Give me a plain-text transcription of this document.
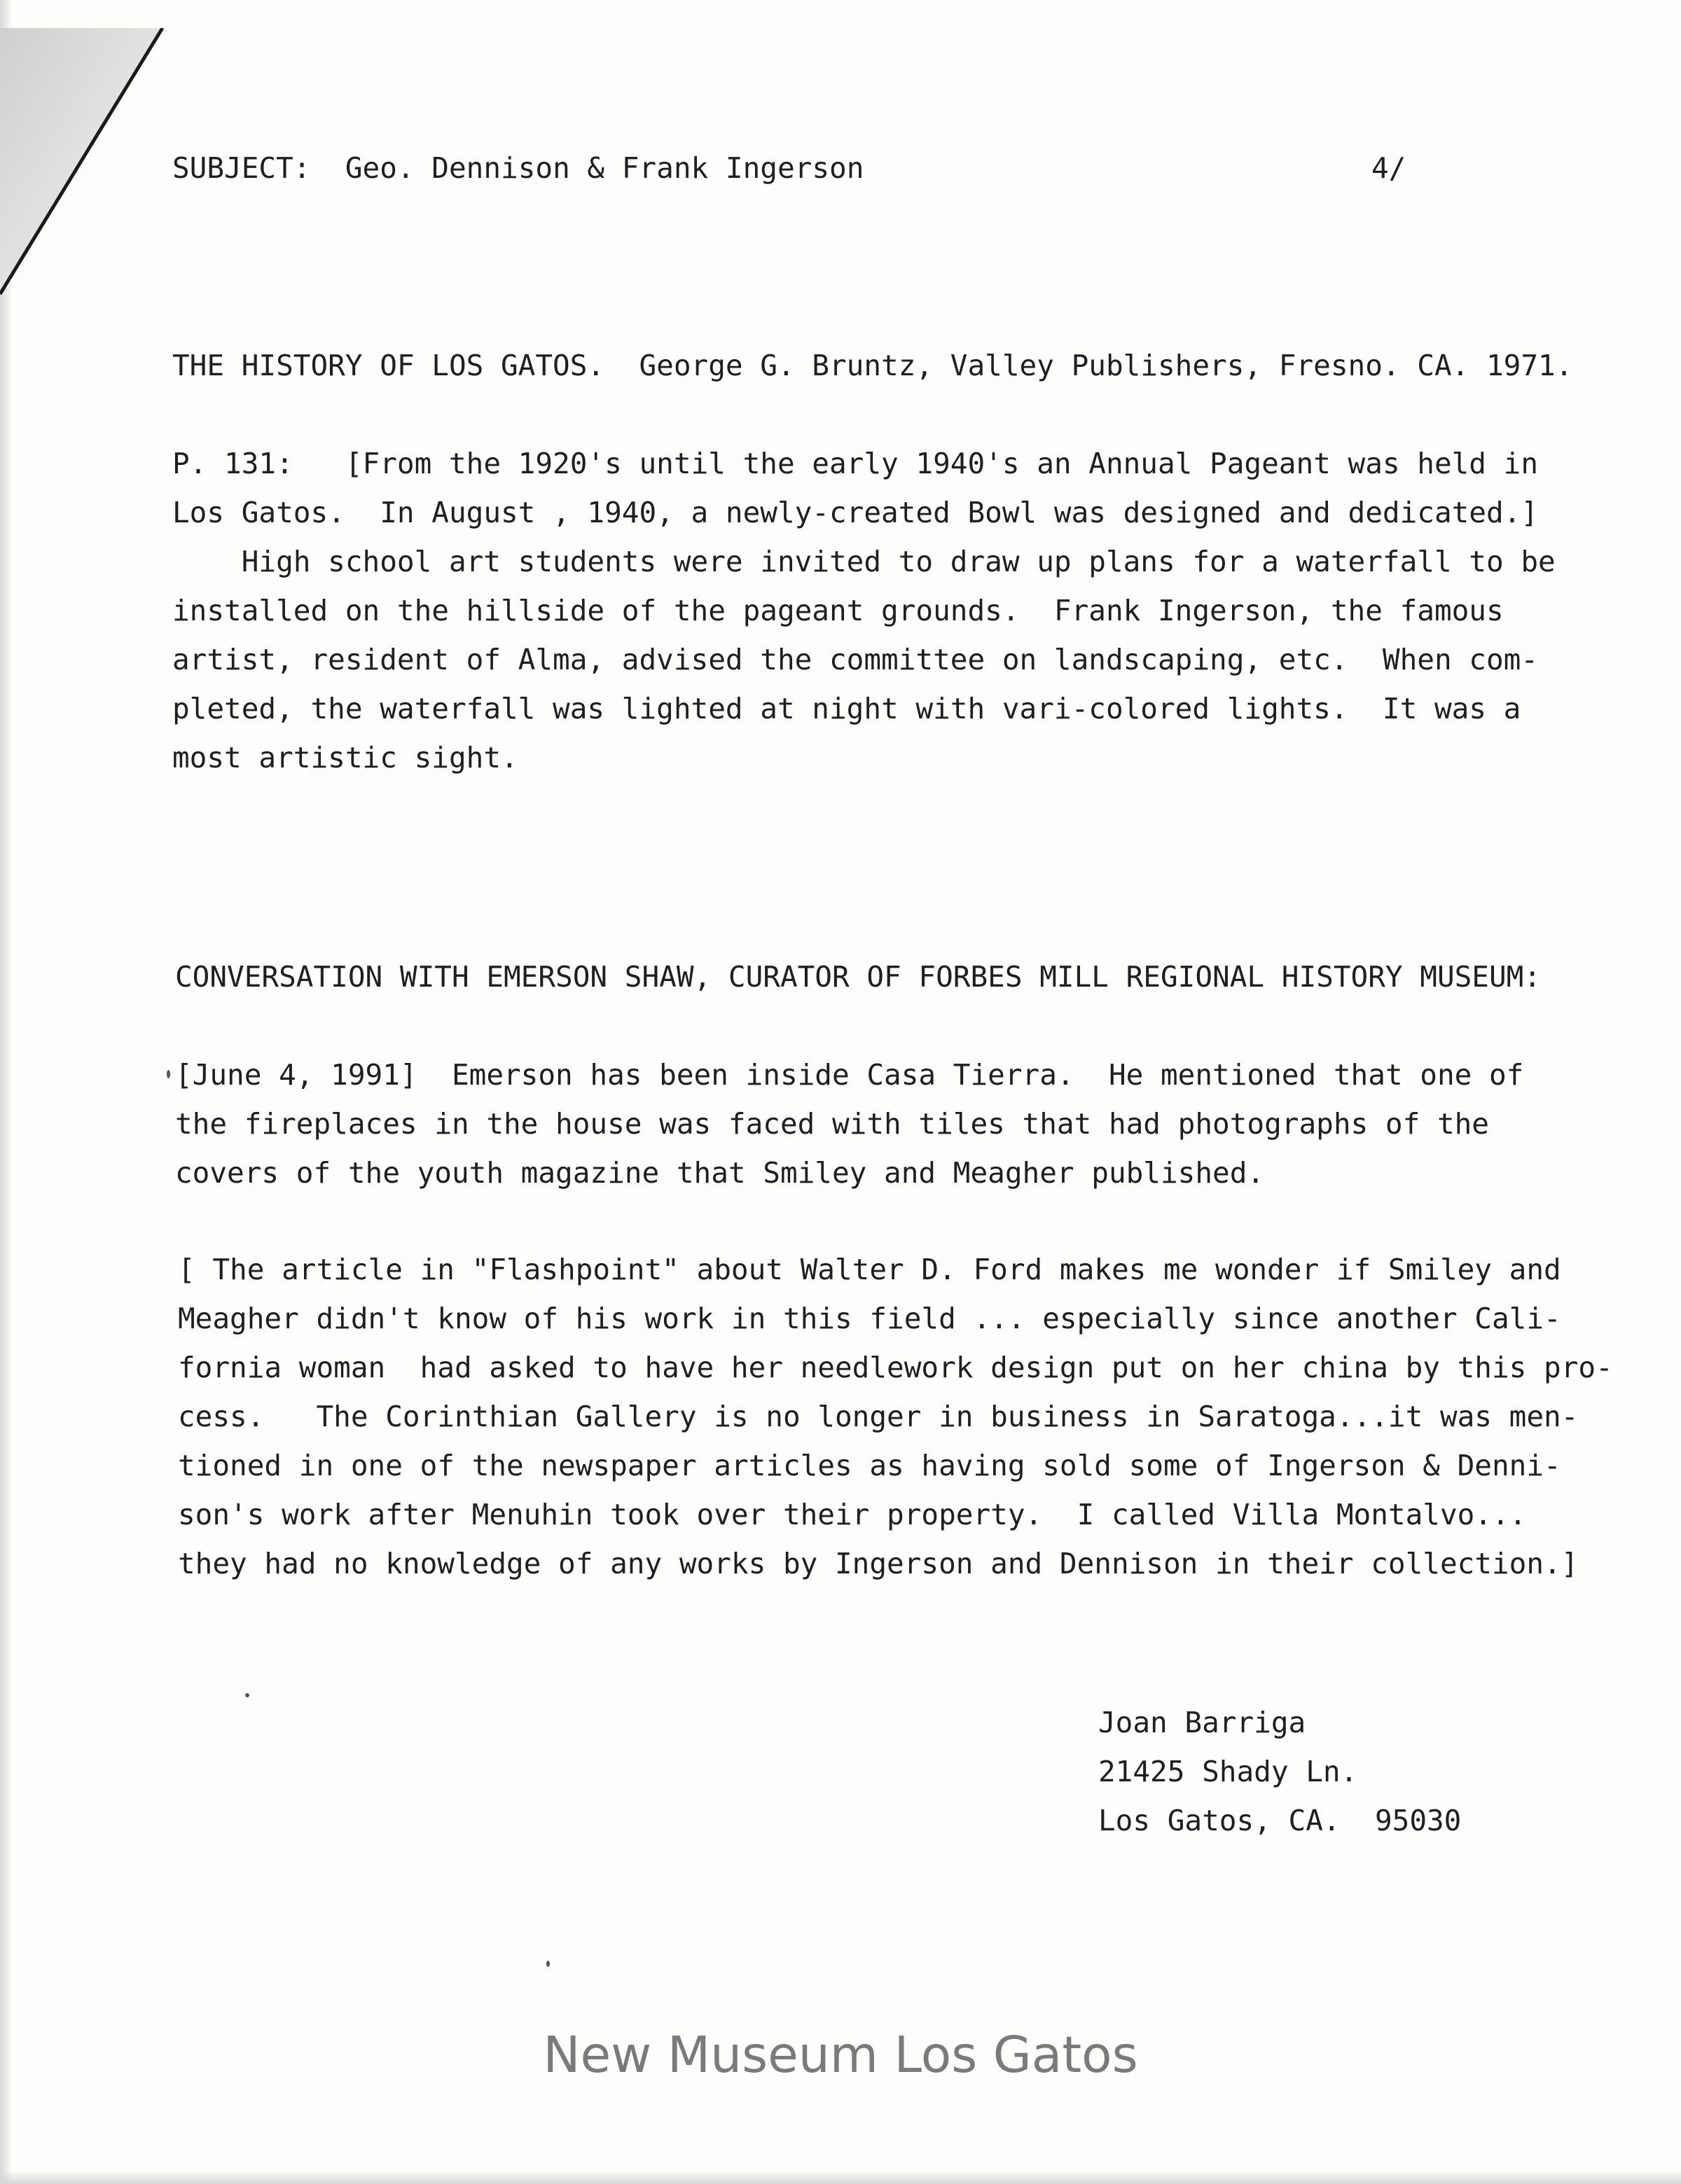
SUBJECT: Geo. Dennison & Frank Ingerson	4/
THE HISTORY OF LOS GATOS.  George G. Bruntz, Valley Publishers, Fresno. CA. 1971.
P. 131:   [From the 1920's until the early 1940's an Annual Pageant was held in
Los Gatos.  In August , 1940, a newly-created Bowl was designed and dedicated.]
High school art students were invited to draw up plans for a waterfall to be
installed on the hillside of the pageant grounds.  Frank Ingerson, the famous
artist, resident of Alma, advised the committee on landscaping, etc.  When com-
pleted, the waterfall was lighted at night with vari-colored lights.  It was a
most artistic sight.
CONVERSATION WITH EMERSON SHAW, CURATOR OF FORBES MILL REGIONAL HISTORY MUSEUM:
[June 4, 1991]  Emerson has been inside Casa Tierra.  He mentioned that one of
the fireplaces in the house was faced with tiles that had photographs of the
covers of the youth magazine that Smiley and Meagher published.
[ The article in "Flashpoint" about Walter D. Ford makes me wonder if Smiley and
Meagher didn't know of his work in this field ... especially since another Cali-
fornia woman  had asked to have her needlework design put on her china by this pro-
cess.   The Corinthian Gallery is no longer in business in Saratoga...it was men-
tioned in one of the newspaper articles as having sold some of Ingerson & Denni-
son's work after Menuhin took over their property.  I called Villa Montalvo...
they had no knowledge of any works by Ingerson and Dennison in their collection.]
Joan Barriga
21425 Shady Ln.
Los Gatos, CA.  95030
New Museum Los Gatos
